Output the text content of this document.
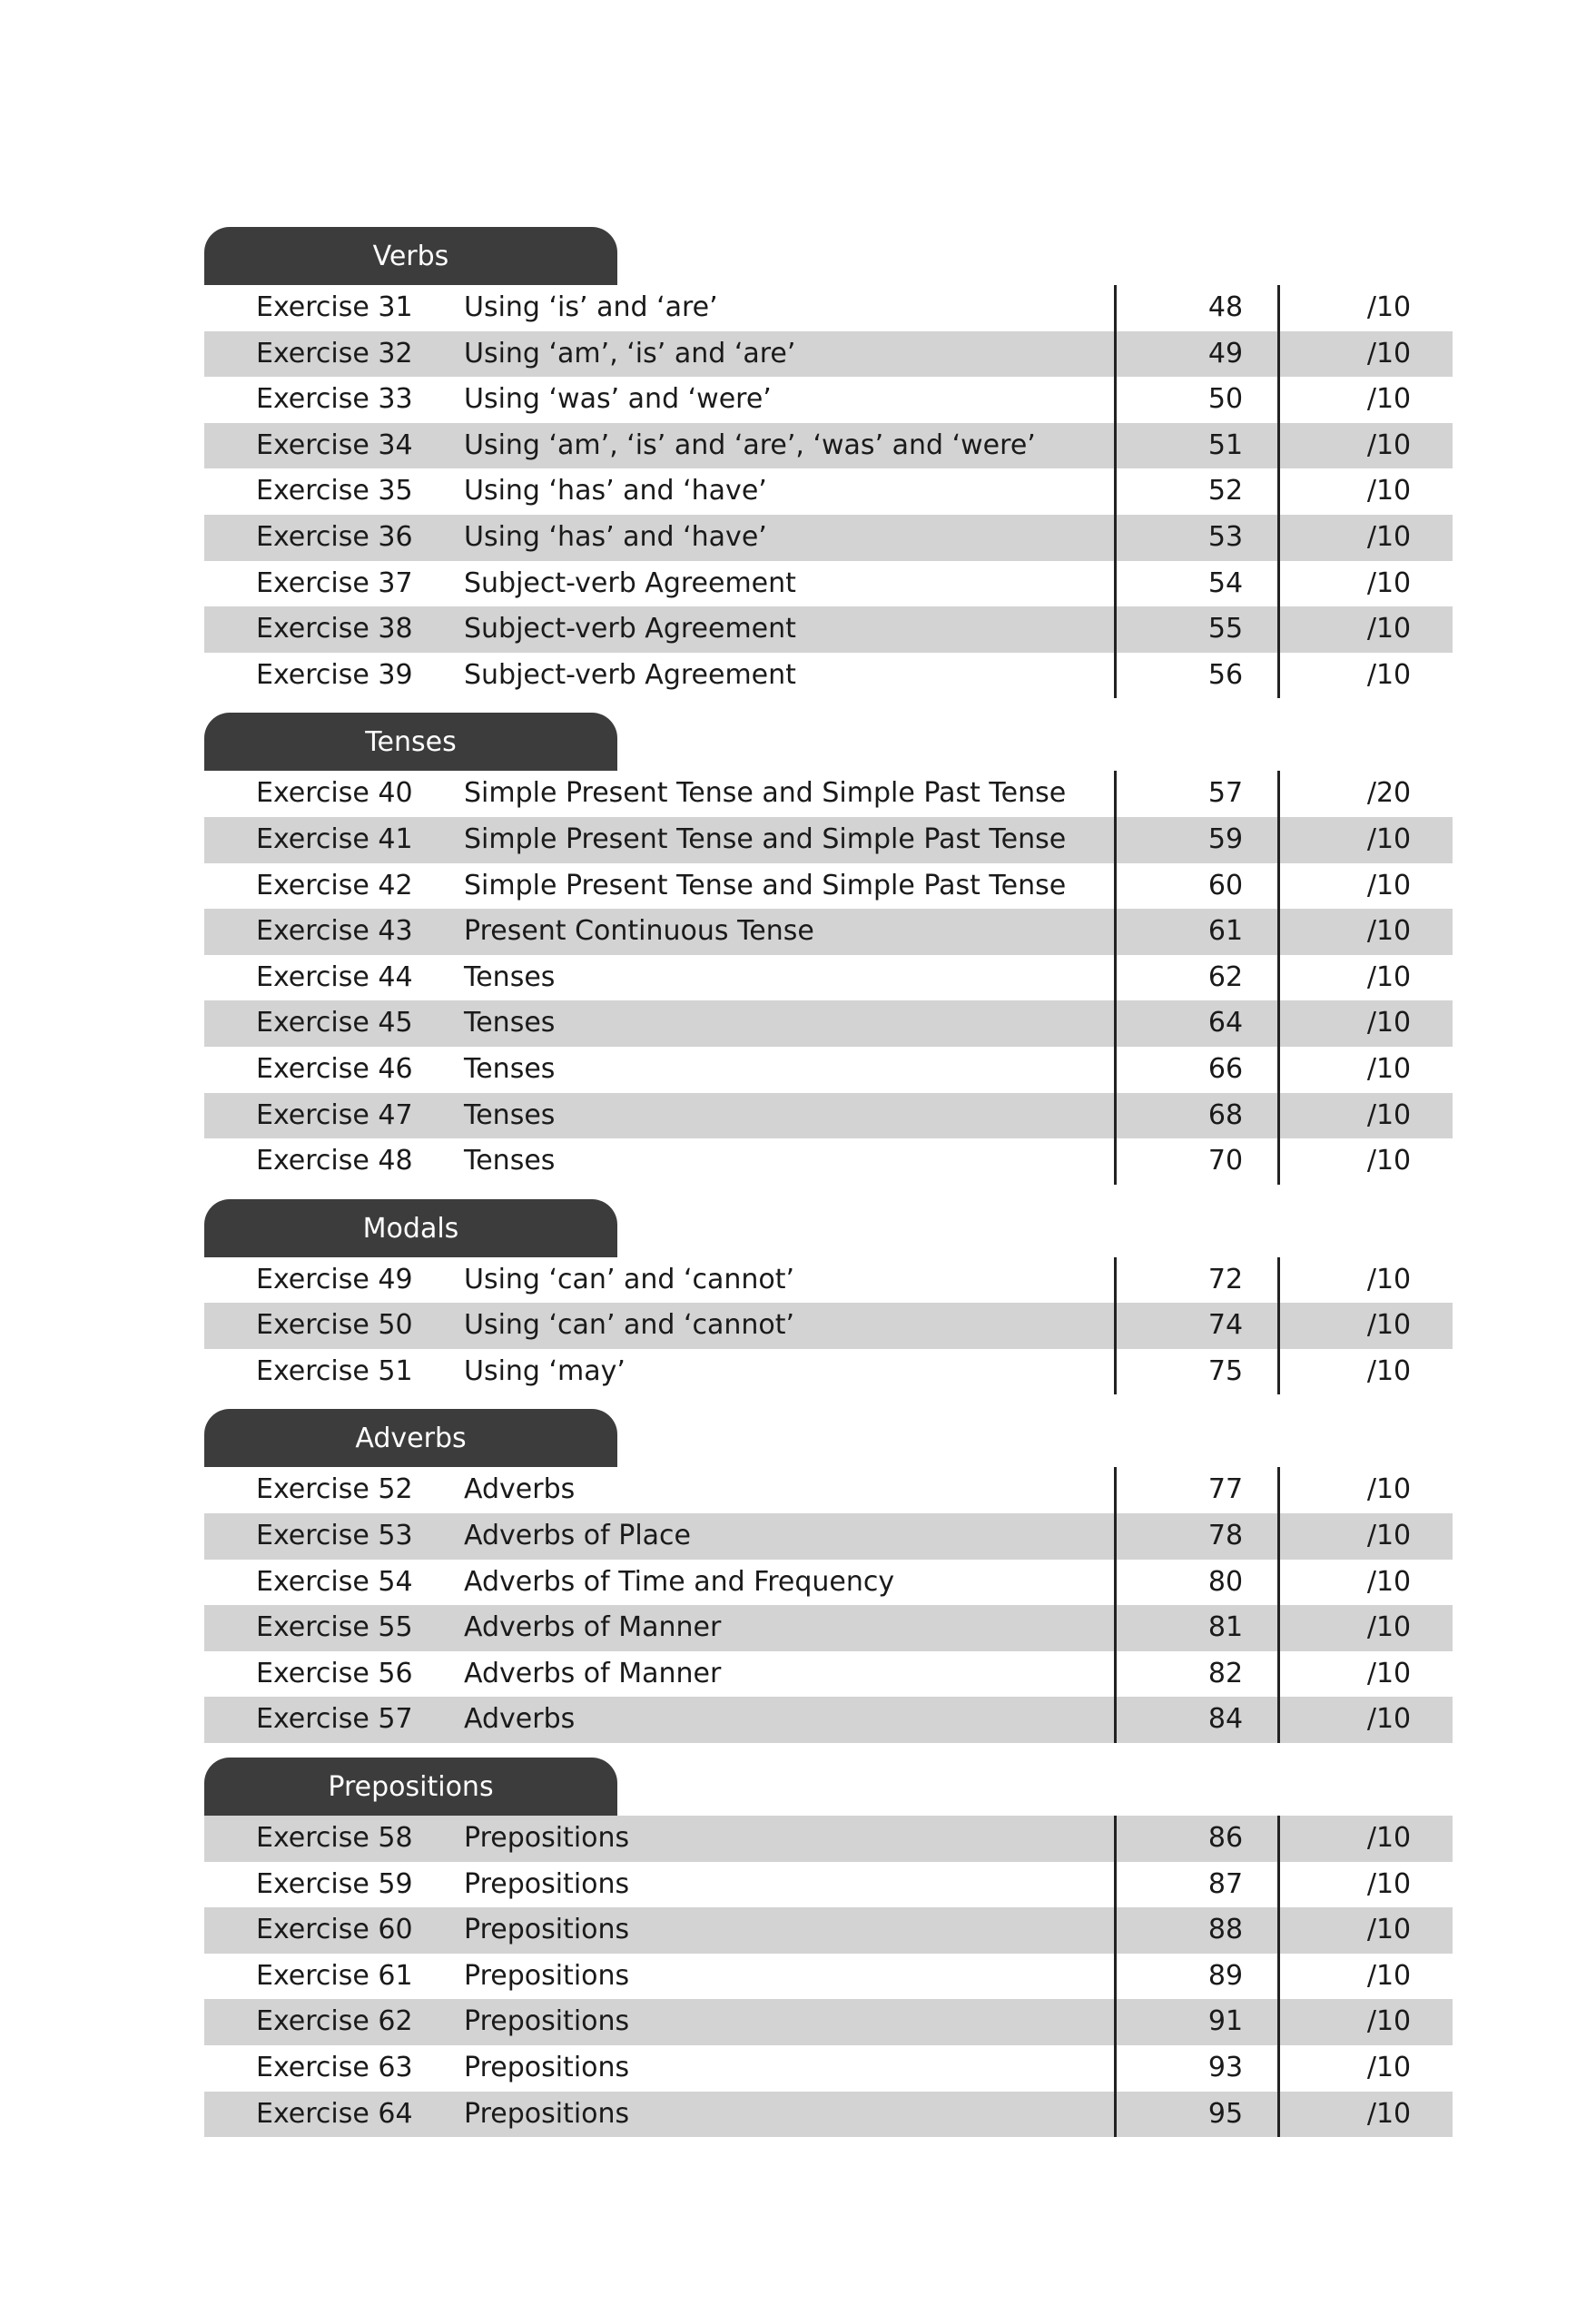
Verbs
Exercise 31 Using ‘is’ and ‘are’	48	/10
Exercise 32 Using ‘am’, ‘is’ and ‘are’	49	/10
Exercise 33 Using ‘was’ and ‘were’	50	/10
Exercise 34 Using ‘am’, ‘is’ and ‘are’, ‘was’ and ‘were’	51	/10
Exercise 35 Using ‘has’ and ‘have’	52	/10
Exercise 36 Using ‘has’ and ‘have’	53	/10
Exercise 37 Subject-verb Agreement	54	/10
Exercise 38 Subject-verb Agreement	55	/10
Exercise 39 Subject-verb Agreement	56	/10
Tenses
Exercise 40 Simple Present Tense and Simple Past Tense	57	/20
Exercise 41 Simple Present Tense and Simple Past Tense	59	/10
Exercise 42 Simple Present Tense and Simple Past Tense	60	/10
Exercise 43 Present Continuous Tense	61	/10
Exercise 44 Tenses	62	/10
Exercise 45 Tenses	64	/10
Exercise 46 Tenses	66	/10
Exercise 47 Tenses	68	/10
Exercise 48 Tenses	70	/10
Modals
Exercise 49 Using ‘can’ and ‘cannot’	72	/10
Exercise 50 Using ‘can’ and ‘cannot’	74	/10
Exercise 51 Using ‘may’	75	/10
Adverbs
Exercise 52 Adverbs	77	/10
Exercise 53 Adverbs of Place	78	/10
Exercise 54 Adverbs of Time and Frequency	80	/10
Exercise 55 Adverbs of Manner	81	/10
Exercise 56 Adverbs of Manner	82	/10
Exercise 57 Adverbs	84	/10
Prepositions
Exercise 58 Prepositions	86	/10
Exercise 59 Prepositions	87	/10
Exercise 60 Prepositions	88	/10
Exercise 61 Prepositions	89	/10
Exercise 62 Prepositions	91	/10
Exercise 63 Prepositions	93	/10
Exercise 64 Prepositions	95	/10
